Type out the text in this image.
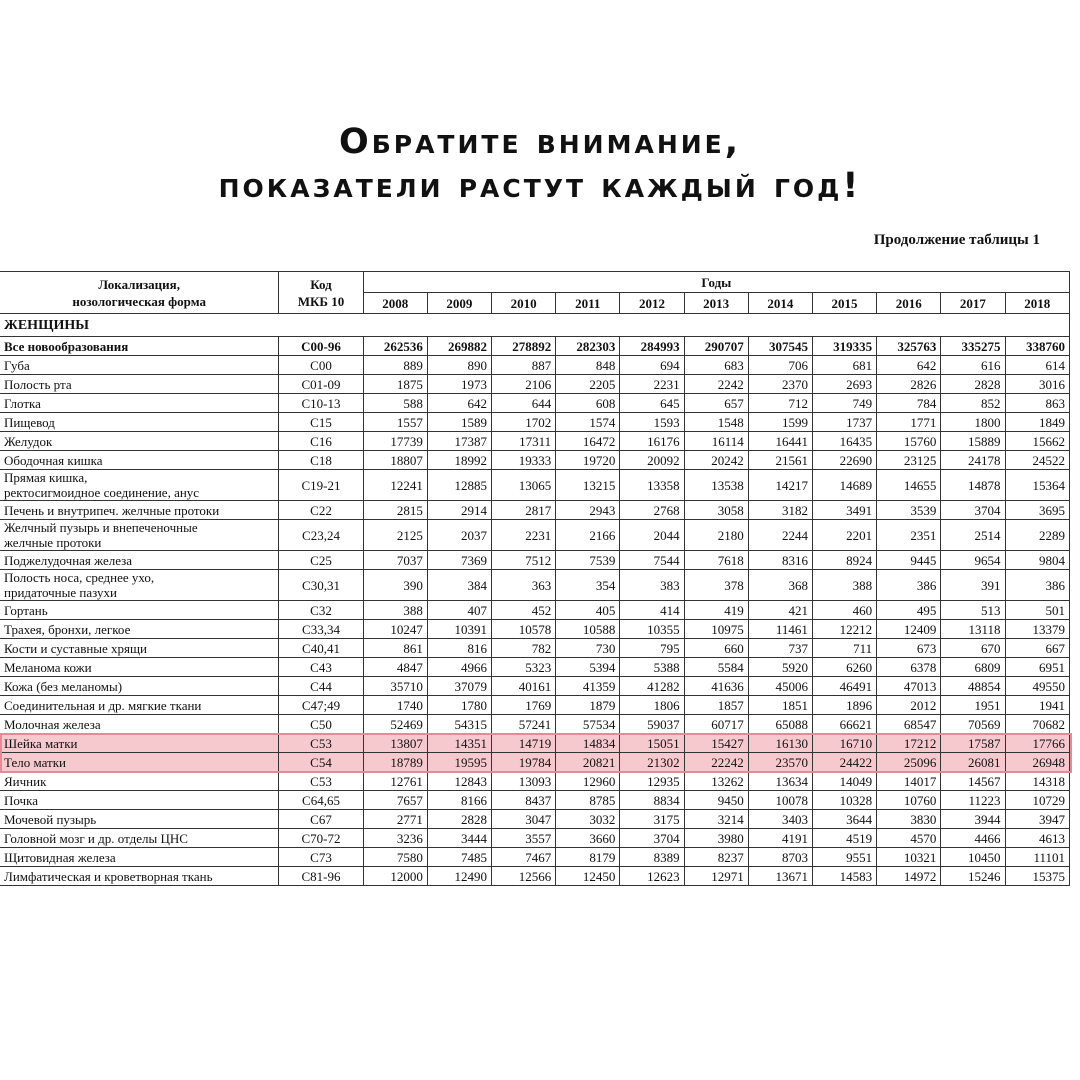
Обратите внимание,
показатели растут каждый год!
Продолжение таблицы 1
Локализация,
нозологическая форма	Код
МКБ 10	Годы										
		2008	2009	2010	2011	2012	2013	2014	2015	2016	2017	2018
ЖЕНЩИНЫ												
Все новообразования	С00-96	262536	269882	278892	282303	284993	290707	307545	319335	325763	335275	338760
Губа	С00	889	890	887	848	694	683	706	681	642	616	614
Полость рта	С01-09	1875	1973	2106	2205	2231	2242	2370	2693	2826	2828	3016
Глотка	С10-13	588	642	644	608	645	657	712	749	784	852	863
Пищевод	С15	1557	1589	1702	1574	1593	1548	1599	1737	1771	1800	1849
Желудок	С16	17739	17387	17311	16472	16176	16114	16441	16435	15760	15889	15662
Ободочная кишка	С18	18807	18992	19333	19720	20092	20242	21561	22690	23125	24178	24522
Прямая кишка,
ректосигмоидное соединение, анус	С19-21	12241	12885	13065	13215	13358	13538	14217	14689	14655	14878	15364
Печень и внутрипеч. желчные протоки	С22	2815	2914	2817	2943	2768	3058	3182	3491	3539	3704	3695
Желчный пузырь и внепеченочные
желчные протоки	С23,24	2125	2037	2231	2166	2044	2180	2244	2201	2351	2514	2289
Поджелудочная железа	С25	7037	7369	7512	7539	7544	7618	8316	8924	9445	9654	9804
Полость носа, среднее ухо,
придаточные пазухи	С30,31	390	384	363	354	383	378	368	388	386	391	386
Гортань	С32	388	407	452	405	414	419	421	460	495	513	501
Трахея, бронхи, легкое	С33,34	10247	10391	10578	10588	10355	10975	11461	12212	12409	13118	13379
Кости и суставные хрящи	С40,41	861	816	782	730	795	660	737	711	673	670	667
Меланома кожи	С43	4847	4966	5323	5394	5388	5584	5920	6260	6378	6809	6951
Кожа (без меланомы)	С44	35710	37079	40161	41359	41282	41636	45006	46491	47013	48854	49550
Соединительная и др. мягкие ткани	С47;49	1740	1780	1769	1879	1806	1857	1851	1896	2012	1951	1941
Молочная железа	С50	52469	54315	57241	57534	59037	60717	65088	66621	68547	70569	70682
Шейка матки	С53	13807	14351	14719	14834	15051	15427	16130	16710	17212	17587	17766
Тело матки	С54	18789	19595	19784	20821	21302	22242	23570	24422	25096	26081	26948
Яичник	С53	12761	12843	13093	12960	12935	13262	13634	14049	14017	14567	14318
Почка	С64,65	7657	8166	8437	8785	8834	9450	10078	10328	10760	11223	10729
Мочевой пузырь	С67	2771	2828	3047	3032	3175	3214	3403	3644	3830	3944	3947
Головной мозг и др. отделы ЦНС	С70-72	3236	3444	3557	3660	3704	3980	4191	4519	4570	4466	4613
Щитовидная железа	С73	7580	7485	7467	8179	8389	8237	8703	9551	10321	10450	11101
Лимфатическая и кроветворная ткань	С81-96	12000	12490	12566	12450	12623	12971	13671	14583	14972	15246	15375
